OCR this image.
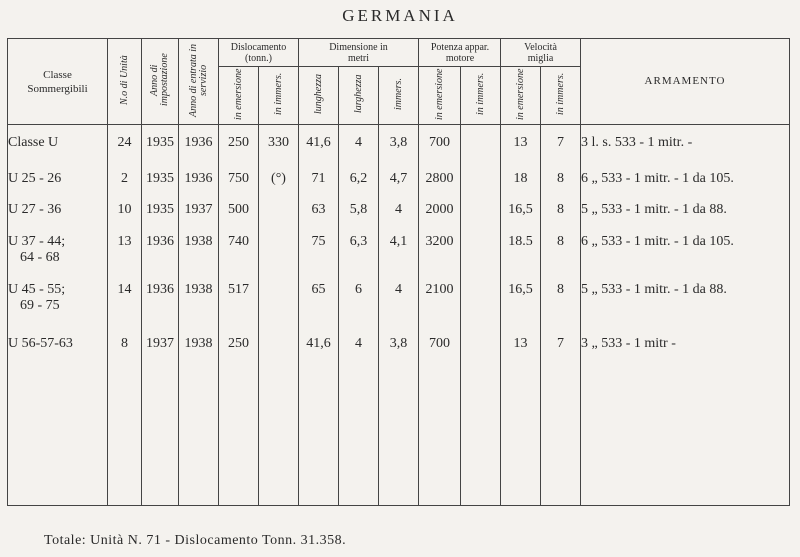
GERMANIA
Classe Sommergibili	N.o di Unità	Anno di impostazione	Anno di entrata in servizio	Dislocamento (tonn.)		Dimensione in metri			Potenza appar. motore		Velocità miglia		ARMAMENTO
				in emersione	in immers.	lunghezza	larghezza	immers.	in emersione	in immers.	in emersione	in immers.	

Classe U	24	1935	1936	250	330	41,6	4	3,8	700		13	7	3 l. s. 533 - 1 mitr. -
U 25 - 26	2	1935	1936	750	(°)	71	6,2	4,7	2800		18	8	6 „ 533 - 1 mitr. - 1 da 105.
U 27 - 36	10	1935	1937	500		63	5,8	4	2000		16,5	8	5 „ 533 - 1 mitr. - 1 da 88.
U 37 - 44;
64 - 68	13	1936	1938	740		75	6,3	4,1	3200		18.5	8	6 „ 533 - 1 mitr. - 1 da 105.
U 45 - 55;
69 - 75	14	1936	1938	517		65	6	4	2100		16,5	8	5 „ 533 - 1 mitr. - 1 da 88.
U 56-57-63	8	1937	1938	250		41,6	4	3,8	700		13	7	3 „ 533 - 1 mitr -

Totale: Unità N. 71 - Dislocamento Tonn. 31.358.
